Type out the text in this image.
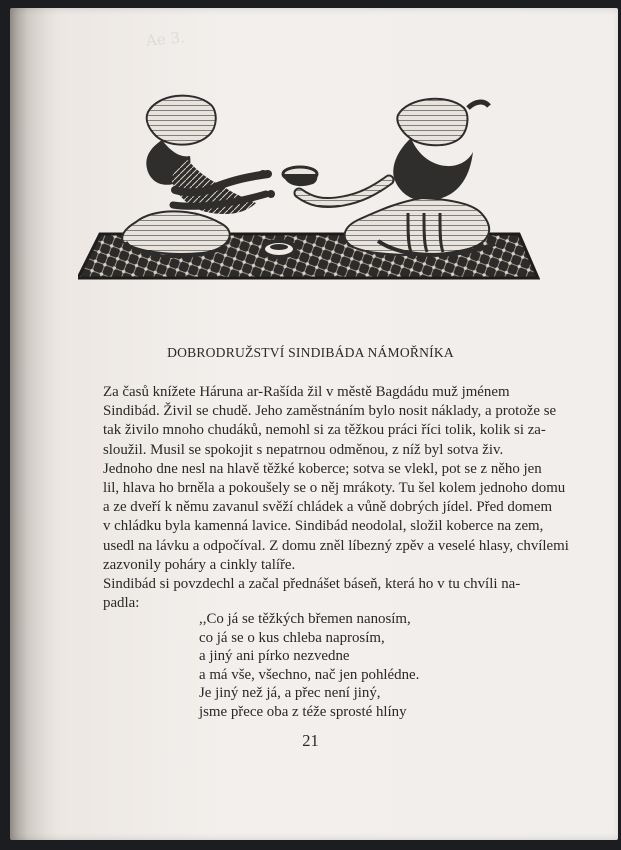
Ae 3.
DOBRODRUŽSTVÍ SINDIBÁDA NÁMOŘNÍKA

Za časů knížete Háruna ar-Rašída žil v městě Bagdádu muž jménem
Sindibád. Živil se chudě. Jeho zaměstnáním bylo nosit náklady, a protože se
tak živilo mnoho chudáků, nemohl si za těžkou práci říci tolik, kolik si za-
sloužil. Musil se spokojit s nepatrnou odměnou, z níž byl sotva živ.

Jednoho dne nesl na hlavě těžké koberce; sotva se vlekl, pot se z něho jen
lil, hlava ho brněla a pokoušely se o něj mrákoty. Tu šel kolem jednoho domu
a ze dveří k němu zavanul svěží chládek a vůně dobrých jídel. Před domem
v chládku byla kamenná lavice. Sindibád neodolal, složil koberce na zem,
usedl na lávku a odpočíval. Z domu zněl líbezný zpěv a veselé hlasy, chvílemi
zazvonily poháry a cinkly talíře.

Sindibád si povzdechl a začal přednášet báseň, která ho v tu chvíli na-
padla:

,,Co já se těžkých břemen nanosím,
co já se o kus chleba naprosím,
a jiný ani pírko nezvedne
a má vše, všechno, nač jen pohlédne.
Je jiný než já, a přec není jiný,
jsme přece oba z téže sprosté hlíny
21
